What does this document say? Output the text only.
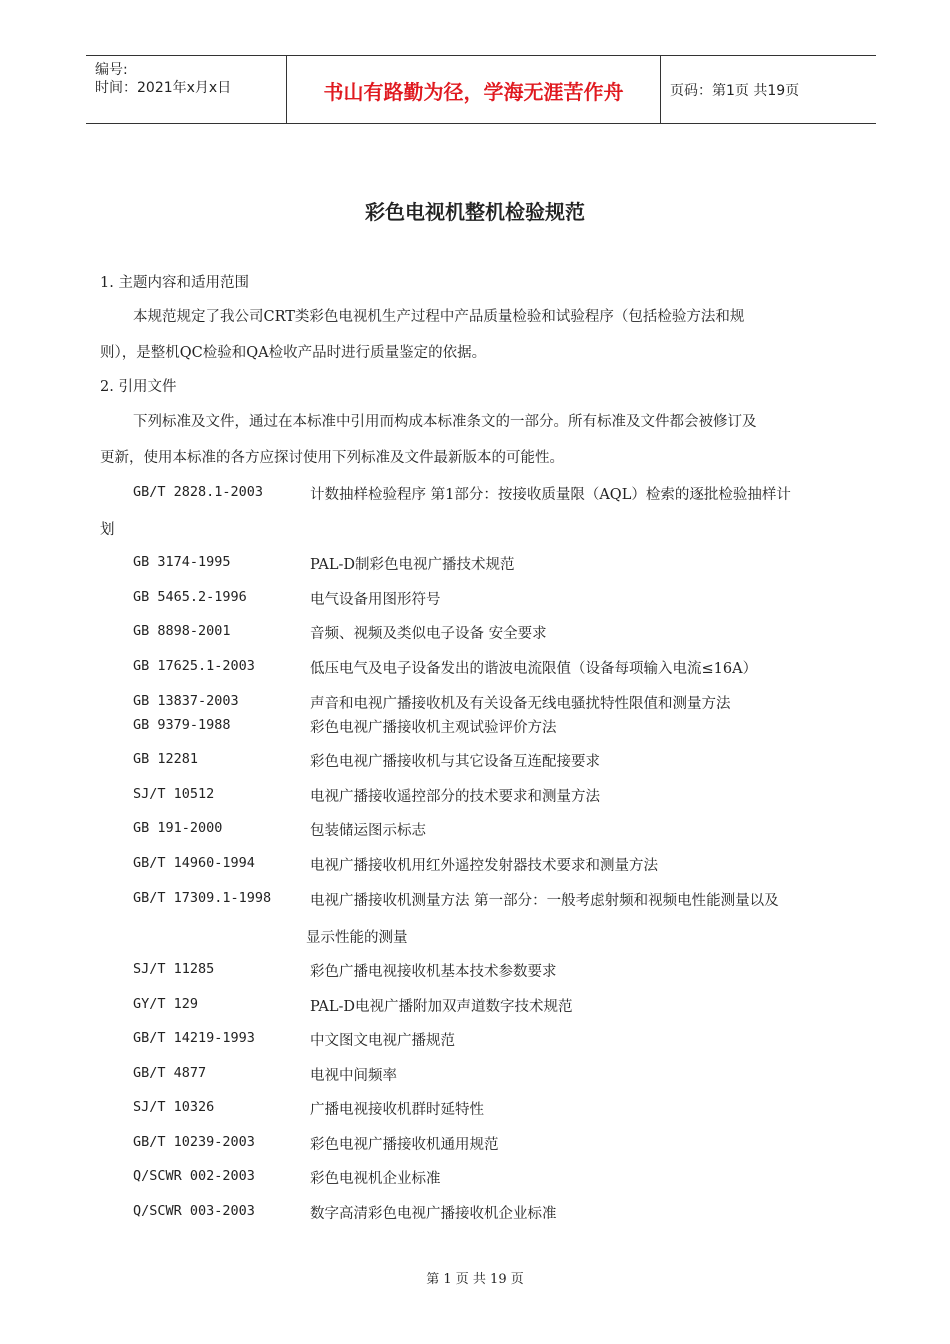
编号:
时间：2021年x月x日	书山有路勤为径，学海无涯苦作舟	页码：第1页 共19页
彩色电视机整机检验规范
1. 主题内容和适用范围
本规范规定了我公司CRT类彩色电视机生产过程中产品质量检验和试验程序（包括检验方法和规
则），是整机QC检验和QA检收产品时进行质量鉴定的依据。
2. 引用文件
下列标准及文件，通过在本标准中引用而构成本标准条文的一部分。所有标准及文件都会被修订及
更新，使用本标准的各方应探讨使用下列标准及文件最新版本的可能性。
GB/T 2828.1-2003	计数抽样检验程序 第1部分：按接收质量限（AQL）检索的逐批检验抽样计
划
GB 3174-1995	PAL-D制彩色电视广播技术规范
GB 5465.2-1996	电气设备用图形符号
GB 8898-2001	音频、视频及类似电子设备 安全要求
GB 17625.1-2003	低压电气及电子设备发出的谐波电流限值（设备每项输入电流≤16A）
GB 13837-2003	声音和电视广播接收机及有关设备无线电骚扰特性限值和测量方法
GB 9379-1988	彩色电视广播接收机主观试验评价方法
GB 12281	彩色电视广播接收机与其它设备互连配接要求
SJ/T 10512	电视广播接收遥控部分的技术要求和测量方法
GB 191-2000	包装储运图示标志
GB/T 14960-1994	电视广播接收机用红外遥控发射器技术要求和测量方法
GB/T 17309.1-1998	电视广播接收机测量方法 第一部分：一般考虑射频和视频电性能测量以及
显示性能的测量
SJ/T 11285	彩色广播电视接收机基本技术参数要求
GY/T 129	PAL-D电视广播附加双声道数字技术规范
GB/T 14219-1993	中文图文电视广播规范
GB/T 4877	电视中间频率
SJ/T 10326	广播电视接收机群时延特性
GB/T 10239-2003	彩色电视广播接收机通用规范
Q/SCWR 002-2003	彩色电视机企业标准
Q/SCWR 003-2003	数字高清彩色电视广播接收机企业标准
第 1 页 共 19 页
